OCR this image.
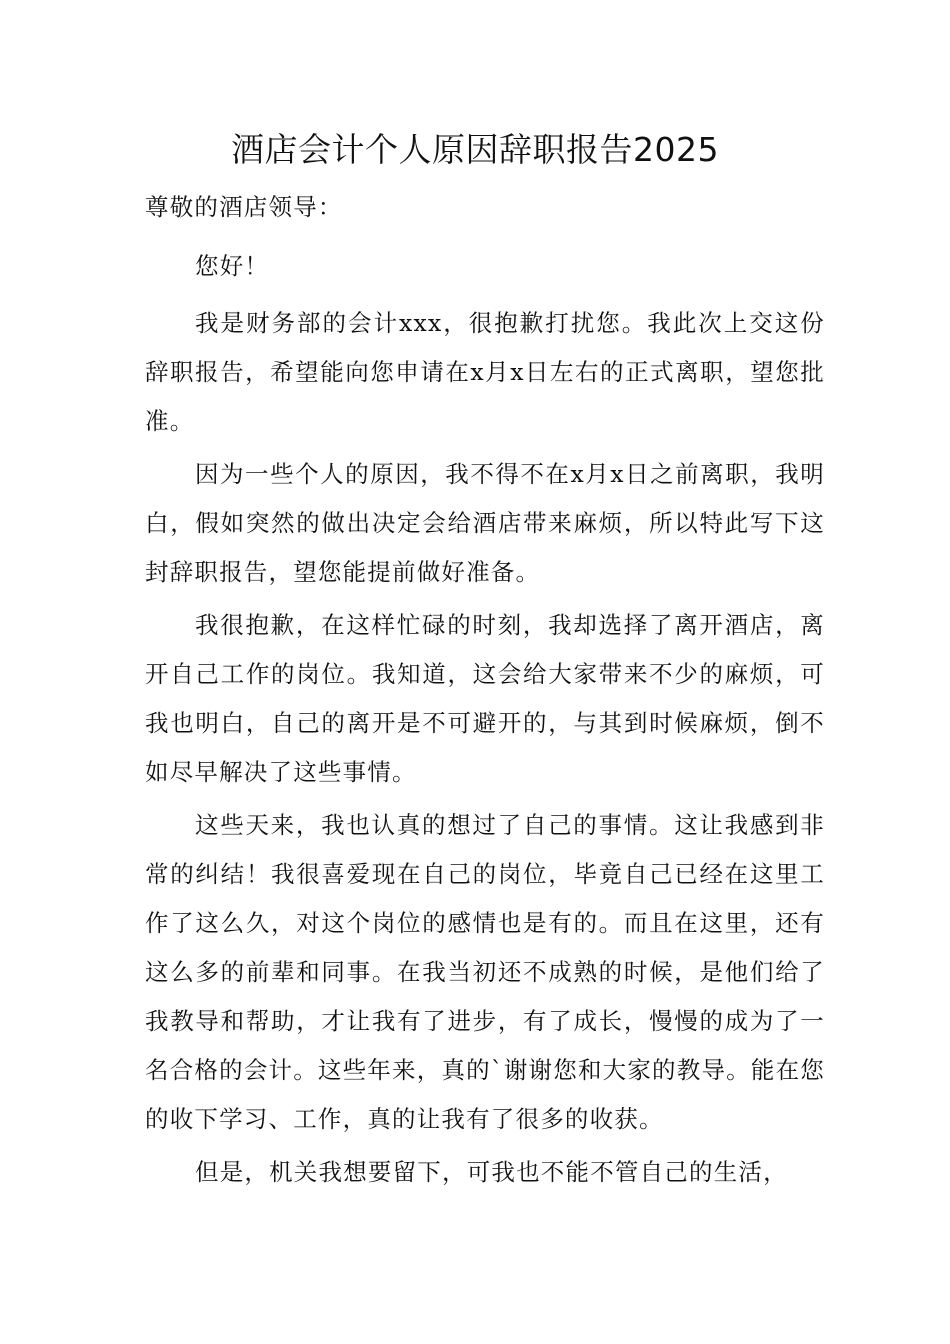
酒店会计个人原因辞职报告2025

尊敬的酒店领导：

您好！

我是财务部的会计xxx，很抱歉打扰您。我此次上交这份辞职报告，希望能向您申请在x月x日左右的正式离职，望您批准。

因为一些个人的原因，我不得不在x月x日之前离职，我明白，假如突然的做出决定会给酒店带来麻烦，所以特此写下这封辞职报告，望您能提前做好准备。

我很抱歉，在这样忙碌的时刻，我却选择了离开酒店，离开自己工作的岗位。我知道，这会给大家带来不少的麻烦，可我也明白，自己的离开是不可避开的，与其到时候麻烦，倒不如尽早解决了这些事情。

这些天来，我也认真的想过了自己的事情。这让我感到非常的纠结！我很喜爱现在自己的岗位，毕竟自己已经在这里工作了这么久，对这个岗位的感情也是有的。而且在这里，还有这么多的前辈和同事。在我当初还不成熟的时候，是他们给了我教导和帮助，才让我有了进步，有了成长，慢慢的成为了一名合格的会计。这些年来，真的`谢谢您和大家的教导。能在您的收下学习、工作，真的让我有了很多的收获。

但是，机关我想要留下，可我也不能不管自己的生活，
